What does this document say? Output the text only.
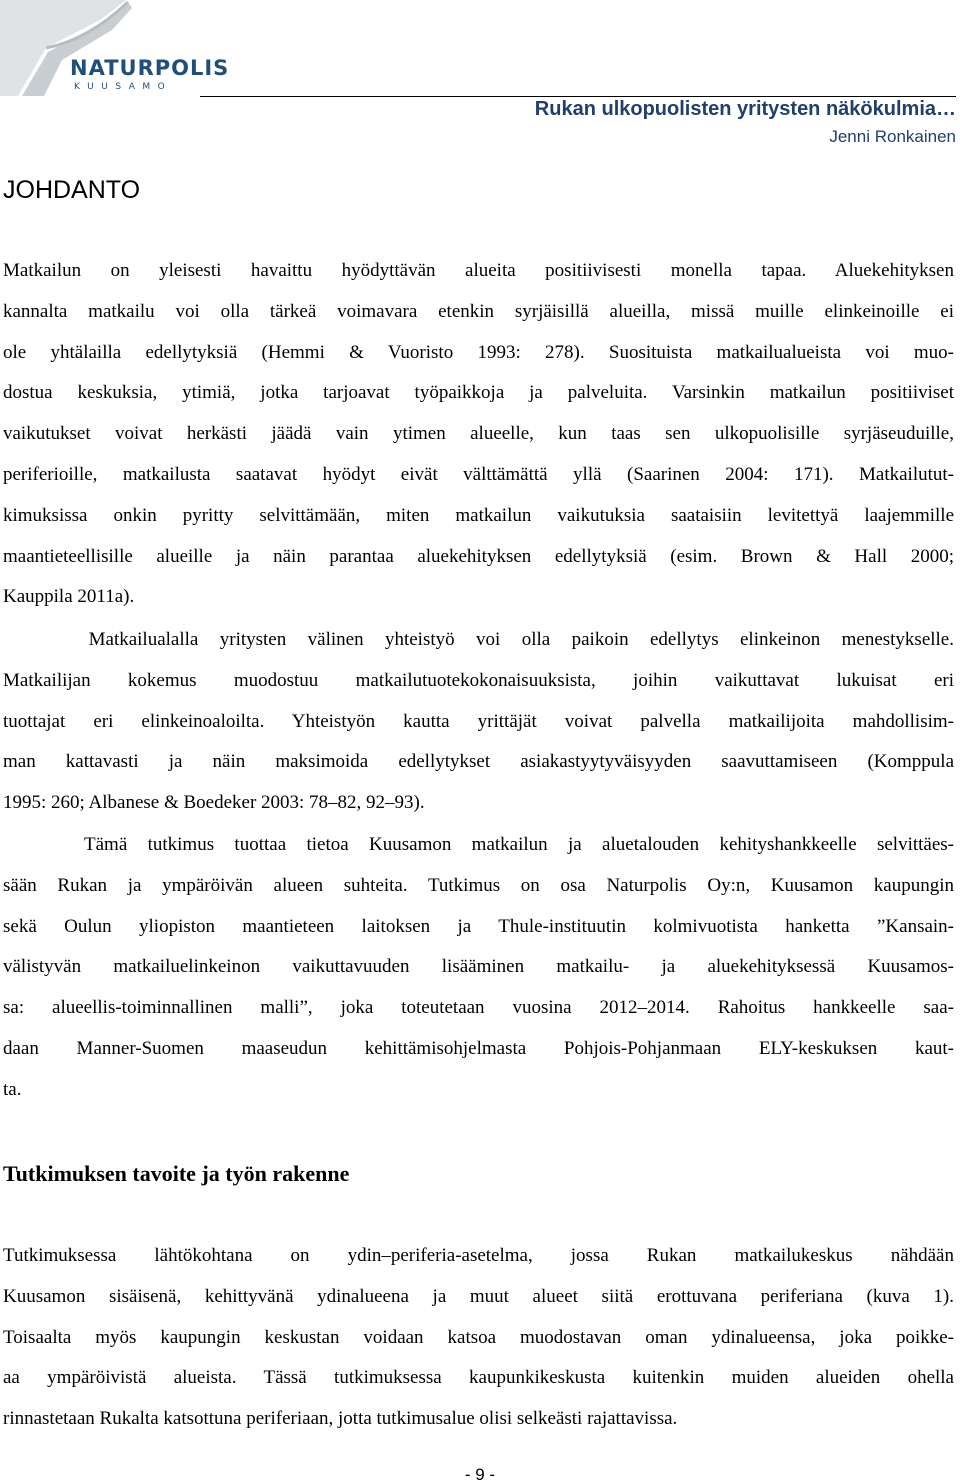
NATURPOLIS
KUUSAMO
Rukan ulkopuolisten yritysten näkökulmia…
Jenni Ronkainen
JOHDANTO
Matkailun on yleisesti havaittu hyödyttävän alueita positiivisesti monella tapaa. Aluekehityksen
kannalta matkailu voi olla tärkeä voimavara etenkin syrjäisillä alueilla, missä muille elinkeinoille ei
ole yhtälailla edellytyksiä (Hemmi & Vuoristo 1993: 278). Suosituista matkailualueista voi muo-
dostua keskuksia, ytimiä, jotka tarjoavat työpaikkoja ja palveluita. Varsinkin matkailun positiiviset
vaikutukset voivat herkästi jäädä vain ytimen alueelle, kun taas sen ulkopuolisille syrjäseuduille,
periferioille, matkailusta saatavat hyödyt eivät välttämättä yllä (Saarinen 2004: 171). Matkailutut-
kimuksissa onkin pyritty selvittämään, miten matkailun vaikutuksia saataisiin levitettyä laajemmille
maantieteellisille alueille ja näin parantaa aluekehityksen edellytyksiä (esim. Brown & Hall 2000;
Kauppila 2011a).
Matkailualalla yritysten välinen yhteistyö voi olla paikoin edellytys elinkeinon menestykselle.
Matkailijan kokemus muodostuu matkailutuotekokonaisuuksista, joihin vaikuttavat lukuisat eri
tuottajat eri elinkeinoaloilta. Yhteistyön kautta yrittäjät voivat palvella matkailijoita mahdollisim-
man kattavasti ja näin maksimoida edellytykset asiakastyytyväisyyden saavuttamiseen (Komppula
1995: 260; Albanese & Boedeker 2003: 78–82, 92–93).
Tämä tutkimus tuottaa tietoa Kuusamon matkailun ja aluetalouden kehityshankkeelle selvittäes-
sään Rukan ja ympäröivän alueen suhteita. Tutkimus on osa Naturpolis Oy:n, Kuusamon kaupungin
sekä Oulun yliopiston maantieteen laitoksen ja Thule-instituutin kolmivuotista hanketta ”Kansain-
välistyvän matkailuelinkeinon vaikuttavuuden lisääminen matkailu- ja aluekehityksessä Kuusamos-
sa: alueellis-toiminnallinen malli”, joka toteutetaan vuosina 2012–2014. Rahoitus hankkeelle saa-
daan Manner-Suomen maaseudun kehittämisohjelmasta Pohjois-Pohjanmaan ELY-keskuksen kaut-
ta.
Tutkimuksen tavoite ja työn rakenne
Tutkimuksessa lähtökohtana on ydin–periferia-asetelma, jossa Rukan matkailukeskus nähdään
Kuusamon sisäisenä, kehittyvänä ydinalueena ja muut alueet siitä erottuvana periferiana (kuva 1).
Toisaalta myös kaupungin keskustan voidaan katsoa muodostavan oman ydinalueensa, joka poikke-
aa ympäröivistä alueista. Tässä tutkimuksessa kaupunkikeskusta kuitenkin muiden alueiden ohella
rinnastetaan Rukalta katsottuna periferiaan, jotta tutkimusalue olisi selkeästi rajattavissa.
- 9 -
